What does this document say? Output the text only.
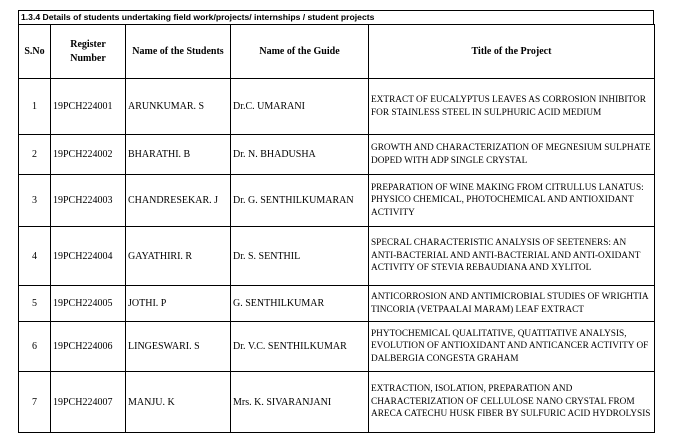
1.3.4 Details of students undertaking field work/projects/ internships / student projects
S.No	Register Number	Name of the Students	Name of the Guide	Title of the Project
1	19PCH224001	ARUNKUMAR. S	Dr.C. UMARANI	EXTRACT OF EUCALYPTUS LEAVES AS CORROSION INHIBITOR FOR STAINLESS STEEL IN SULPHURIC ACID MEDIUM
2	19PCH224002	BHARATHI. B	Dr. N. BHADUSHA	GROWTH AND CHARACTERIZATION OF MEGNESIUM SULPHATE DOPED WITH ADP SINGLE CRYSTAL
3	19PCH224003	CHANDRESEKAR. J	Dr. G. SENTHILKUMARAN	PREPARATION OF WINE MAKING FROM CITRULLUS LANATUS: PHYSICO CHEMICAL, PHOTOCHEMICAL AND ANTIOXIDANT ACTIVITY
4	19PCH224004	GAYATHIRI. R	Dr. S. SENTHIL	SPECRAL CHARACTERISTIC ANALYSIS OF SEETENERS: AN ANTI-BACTERIAL AND ANTI-BACTERIAL AND ANTI-OXIDANT ACTIVITY OF STEVIA REBAUDIANA AND XYLITOL
5	19PCH224005	JOTHI. P	G. SENTHILKUMAR	ANTICORROSION AND ANTIMICROBIAL STUDIES OF WRIGHTIA TINCORIA (VETPAALAI MARAM) LEAF EXTRACT
6	19PCH224006	LINGESWARI. S	Dr. V.C. SENTHILKUMAR	PHYTOCHEMICAL QUALITATIVE, QUATITATIVE ANALYSIS, EVOLUTION OF ANTIOXIDANT AND ANTICANCER ACTIVITY OF DALBERGIA CONGESTA GRAHAM
7	19PCH224007	MANJU. K	Mrs. K. SIVARANJANI	EXTRACTION, ISOLATION, PREPARATION AND CHARACTERIZATION OF CELLULOSE NANO CRYSTAL FROM ARECA CATECHU HUSK FIBER BY SULFURIC ACID HYDROLYSIS
